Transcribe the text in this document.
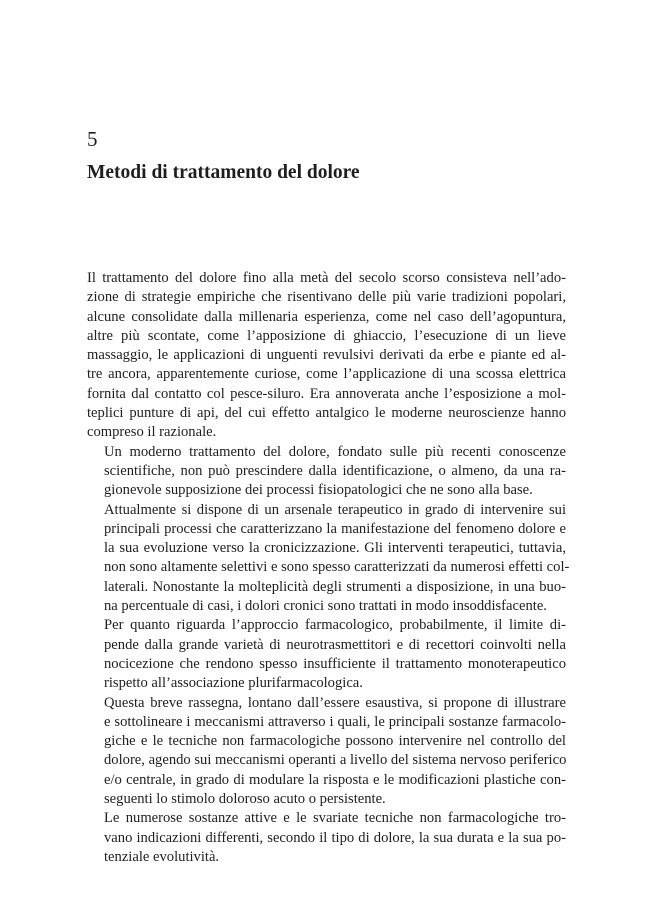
5
Metodi di trattamento del dolore

Il trattamento del dolore fino alla metà del secolo scorso consisteva nell’ado-
zione di strategie empiriche che risentivano delle più varie tradizioni popolari,
alcune consolidate dalla millenaria esperienza, come nel caso dell’agopuntura,
altre più scontate, come l’apposizione di ghiaccio, l’esecuzione di un lieve
massaggio, le applicazioni di unguenti revulsivi derivati da erbe e piante ed al-
tre ancora, apparentemente curiose, come l’applicazione di una scossa elettrica
fornita dal contatto col pesce-siluro. Era annoverata anche l’esposizione a mol-
teplici punture di api, del cui effetto antalgico le moderne neuroscienze hanno
compreso il razionale.

Un moderno trattamento del dolore, fondato sulle più recenti conoscenze
scientifiche, non può prescindere dalla identificazione, o almeno, da una ra-
gionevole supposizione dei processi fisiopatologici che ne sono alla base.

Attualmente si dispone di un arsenale terapeutico in grado di intervenire sui
principali processi che caratterizzano la manifestazione del fenomeno dolore e
la sua evoluzione verso la cronicizzazione. Gli interventi terapeutici, tuttavia,
non sono altamente selettivi e sono spesso caratterizzati da numerosi effetti col-
laterali. Nonostante la molteplicità degli strumenti a disposizione, in una buo-
na percentuale di casi, i dolori cronici sono trattati in modo insoddisfacente.

Per quanto riguarda l’approccio farmacologico, probabilmente, il limite di-
pende dalla grande varietà di neurotrasmettitori e di recettori coinvolti nella
nocicezione che rendono spesso insufficiente il trattamento monoterapeutico
rispetto all’associazione plurifarmacologica.

Questa breve rassegna, lontano dall’essere esaustiva, si propone di illustrare
e sottolineare i meccanismi attraverso i quali, le principali sostanze farmacolo-
giche e le tecniche non farmacologiche possono intervenire nel controllo del
dolore, agendo sui meccanismi operanti a livello del sistema nervoso periferico
e/o centrale, in grado di modulare la risposta e le modificazioni plastiche con-
seguenti lo stimolo doloroso acuto o persistente.

Le numerose sostanze attive e le svariate tecniche non farmacologiche tro-
vano indicazioni differenti, secondo il tipo di dolore, la sua durata e la sua po-
tenziale evolutività.
